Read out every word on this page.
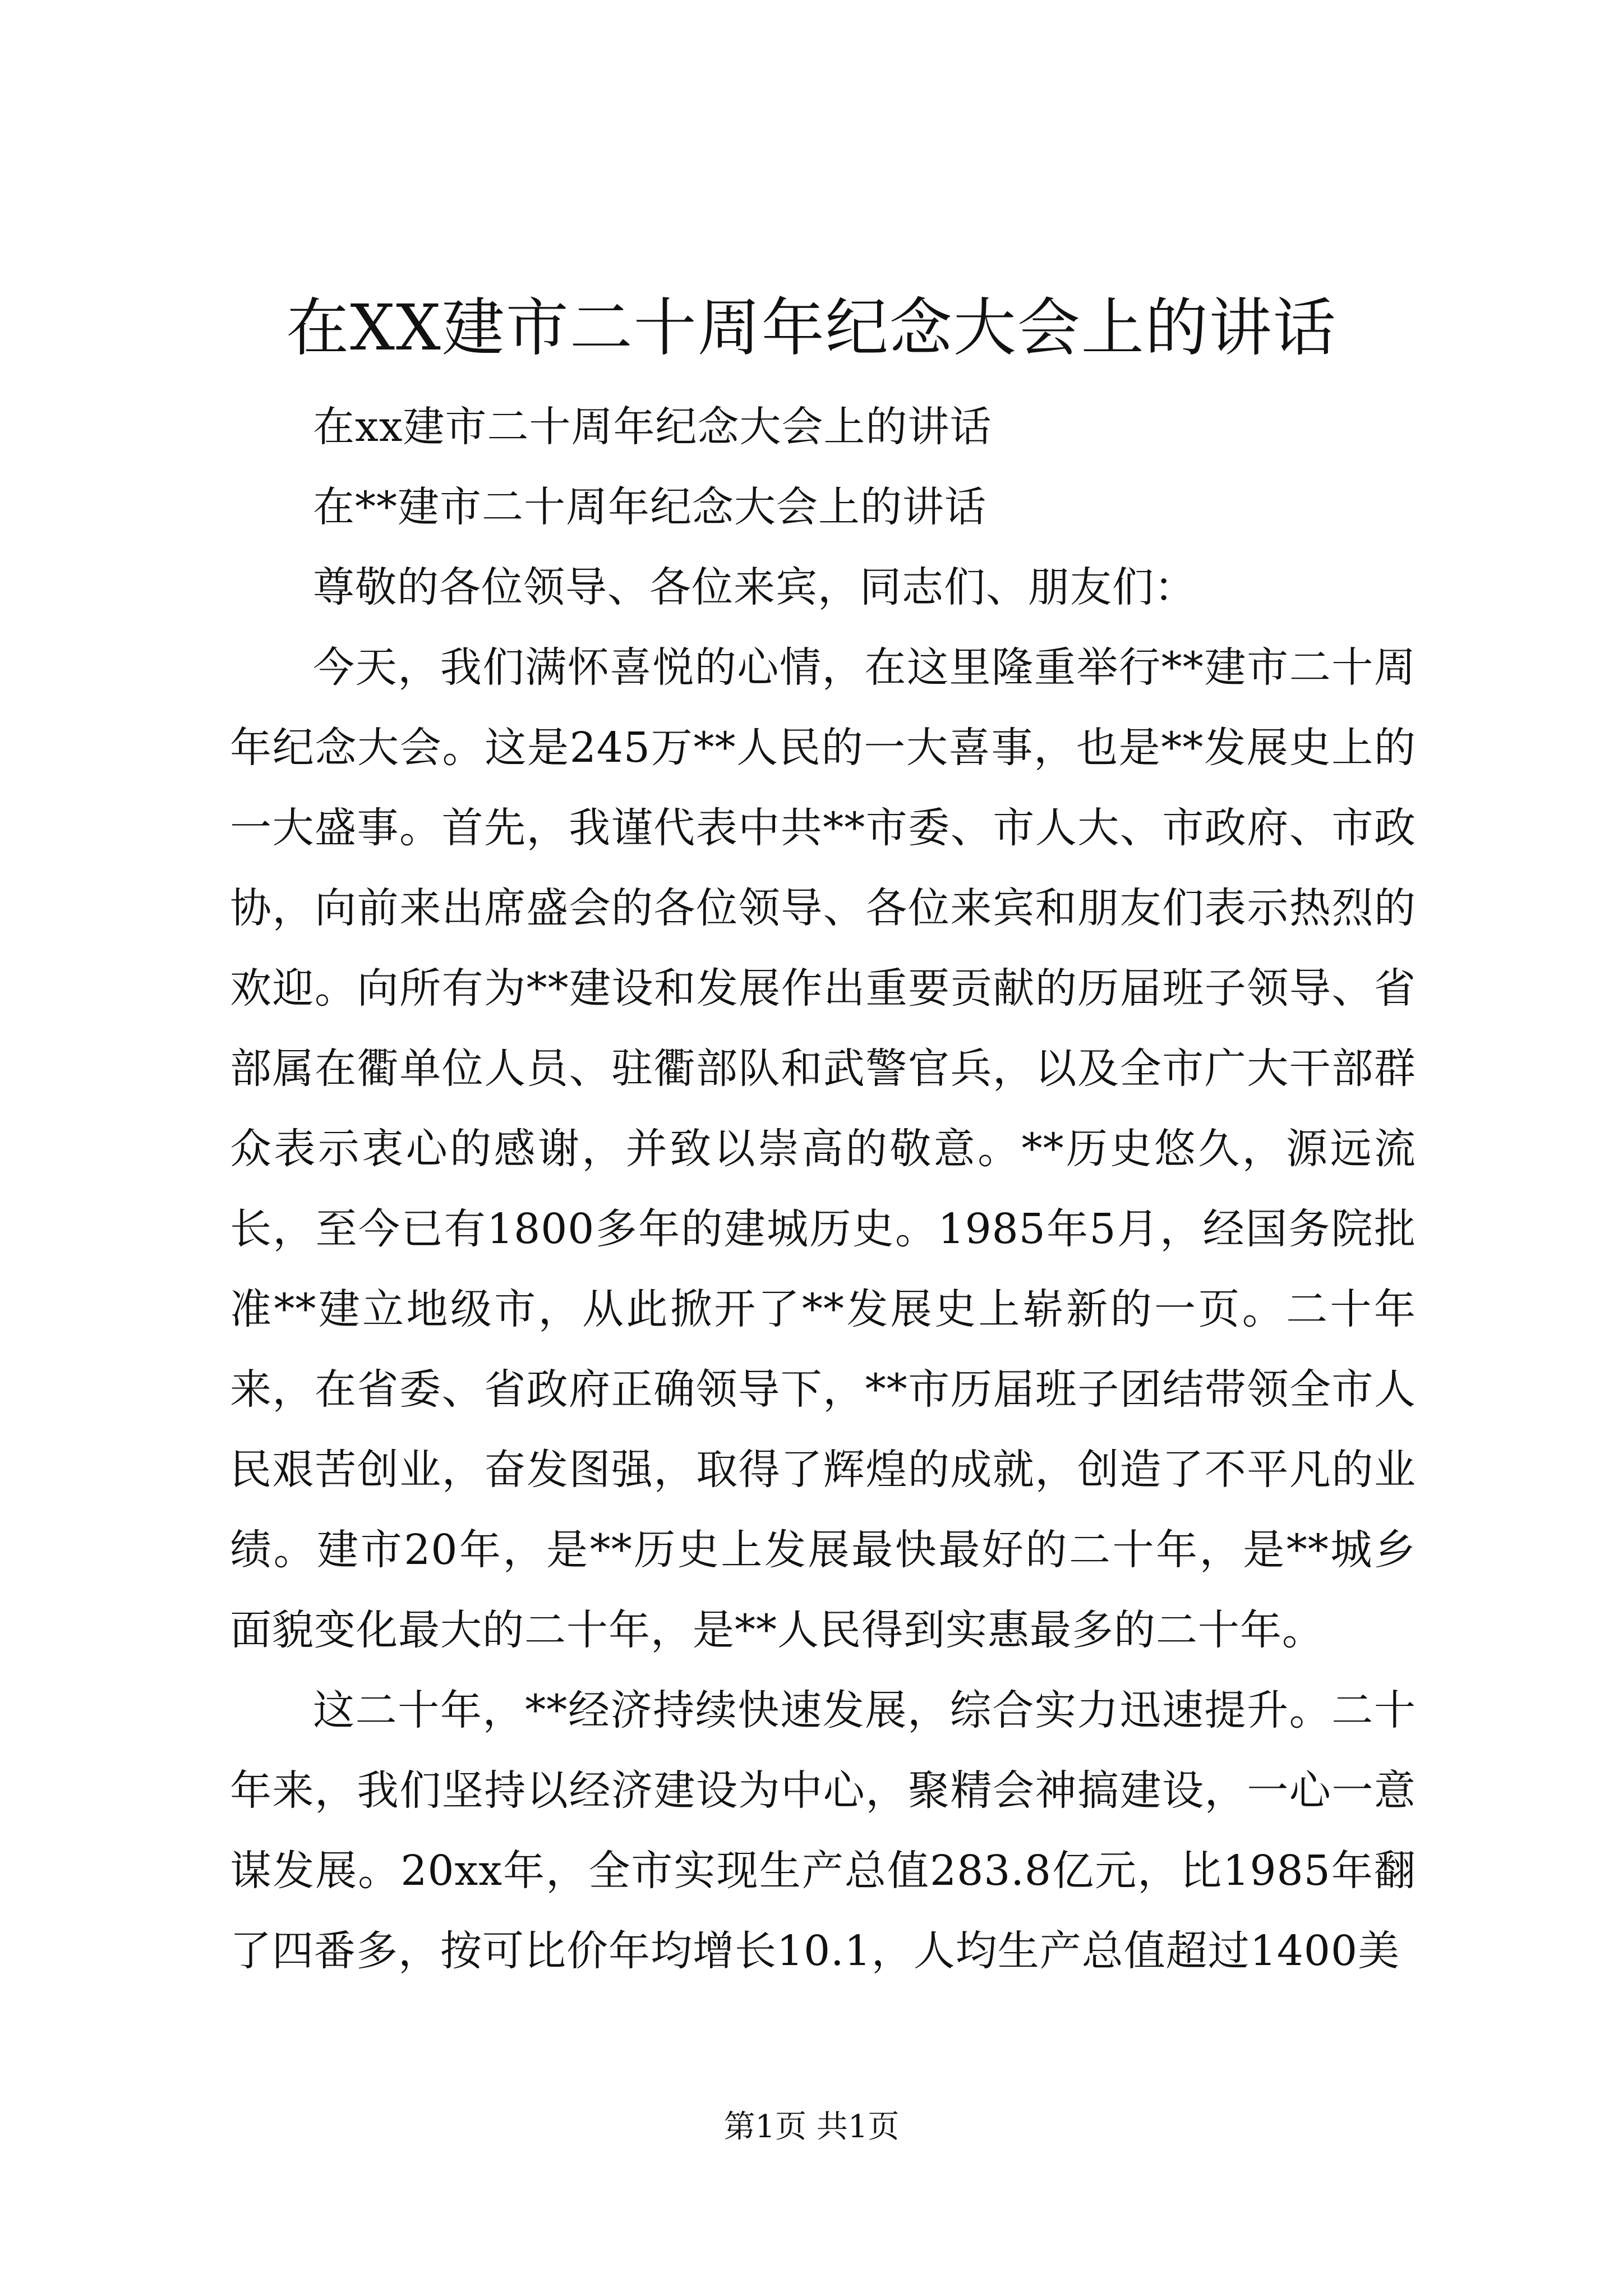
在XX建市二十周年纪念大会上的讲话

在xx建市二十周年纪念大会上的讲话

在**建市二十周年纪念大会上的讲话

尊敬的各位领导、各位来宾，同志们、朋友们：

今天，我们满怀喜悦的心情，在这里隆重举行**建市二十周年纪念大会。这是245万**人民的一大喜事，也是**发展史上的一大盛事。首先，我谨代表中共**市委、市人大、市政府、市政协，向前来出席盛会的各位领导、各位来宾和朋友们表示热烈的欢迎。向所有为**建设和发展作出重要贡献的历届班子领导、省部属在衢单位人员、驻衢部队和武警官兵，以及全市广大干部群众表示衷心的感谢，并致以崇高的敬意。**历史悠久，源远流长，至今已有1800多年的建城历史。1985年5月，经国务院批准**建立地级市，从此掀开了**发展史上崭新的一页。二十年来，在省委、省政府正确领导下，**市历届班子团结带领全市人民艰苦创业，奋发图强，取得了辉煌的成就，创造了不平凡的业绩。建市20年，是**历史上发展最快最好的二十年，是**城乡面貌变化最大的二十年，是**人民得到实惠最多的二十年。

这二十年，**经济持续快速发展，综合实力迅速提升。二十年来，我们坚持以经济建设为中心，聚精会神搞建设，一心一意谋发展。20xx年，全市实现生产总值283.8亿元，比1985年翻了四番多，按可比价年均增长10.1，人均生产总值超过1400美

第1页 共1页
